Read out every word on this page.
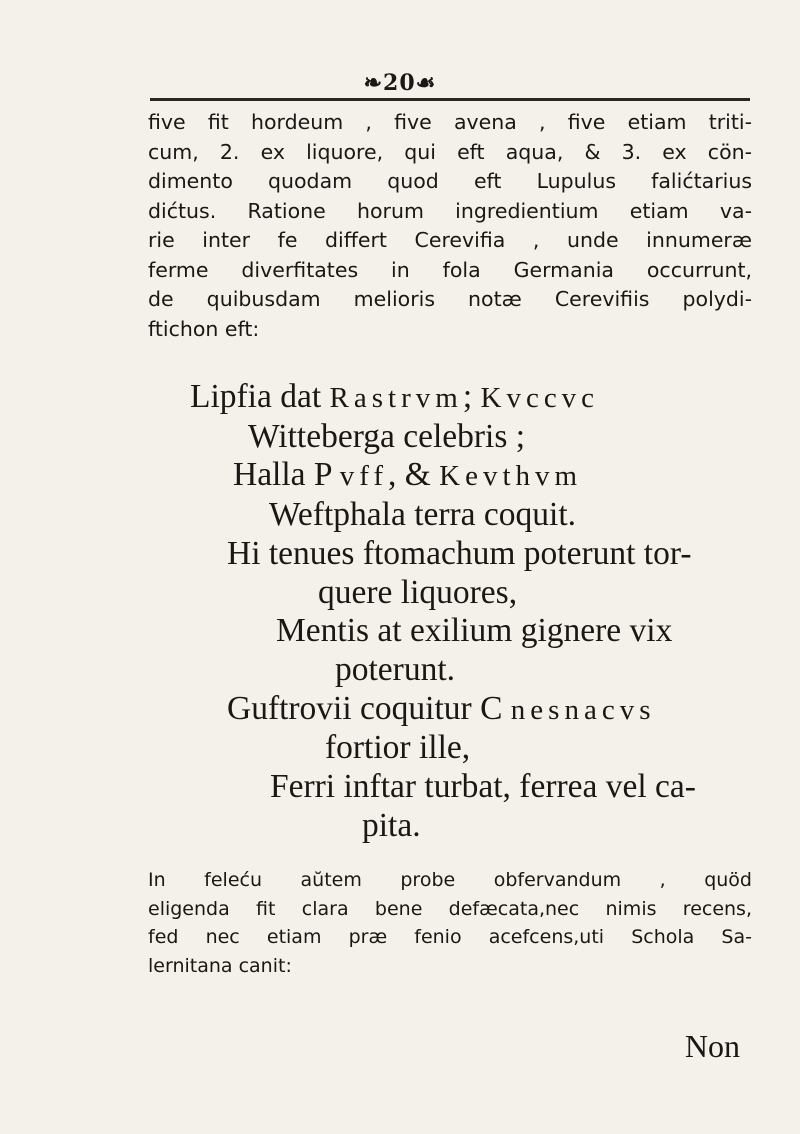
❧20☙
five fit hordeum , five avena , five etiam triti-
cum, 2. ex liquore, qui eft aqua, & 3. ex cön-
dimento quodam quod eft Lupulus falićtarius
dićtus. Ratione horum ingredientium etiam va-
rie inter fe differt Cerevifia , unde innumeræ
ferme diverfitates in fola Germania occurrunt,
de quibusdam melioris notæ Cerevifiis polydi-
ftichon eft:
Lipfia dat Rastrvm; Kvccvc
Witteberga celebris ;
Halla P vff, & Kevthvm
Weftphala terra coquit.
Hi tenues ftomachum poterunt tor-
quere liquores,
Mentis at exilium gignere vix
poterunt.
Guftrovii coquitur C nesnacvs
fortior ille,
Ferri inftar turbat, ferrea vel ca-
pita.
In feleću aŭtem probe obfervandum , quöd
eligenda fit clara bene defæcata,nec nimis recens,
fed nec etiam præ fenio acefcens,uti Schola Sa-
lernitana canit:
Non
